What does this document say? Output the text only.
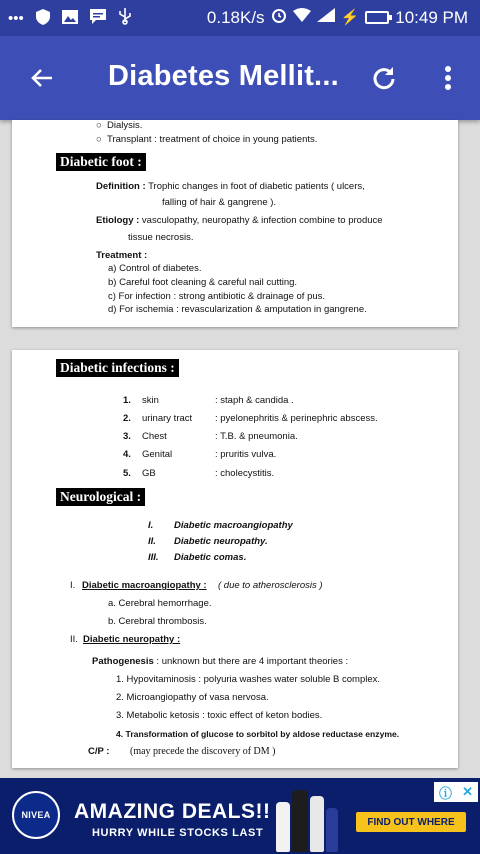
•••	0.18K/s	⚡ 10:49 PM
Diabetes Mellit...
○  Dialysis.
○  Transplant : treatment of choice in young patients.
Diabetic foot :
Definition : Trophic changes in foot of diabetic patients ( ulcers,
falling of hair & gangrene ).
Etiology : vasculopathy, neuropathy & infection combine to produce
tissue necrosis.
Treatment :
a) Control of diabetes.
b) Careful foot cleaning & careful nail cutting.
c) For infection : strong antibiotic & drainage of pus.
d) For ischemia : revascularization & amputation in gangrene.
Diabetic infections :
1. skin	: staph & candida .
2. urinary tract : pyelonephritis & perinephric abscess.
3. Chest	: T.B. & pneumonia.
4. Genital	: pruritis vulva.
5. GB	: cholecystitis.
Neurological :
I. Diabetic macroangiopathy
II. Diabetic neuropathy.
III. Diabetic comas.
I. Diabetic macroangiopathy : ( due to atherosclerosis )
a. Cerebral hemorrhage.
b. Cerebral thrombosis.
II. Diabetic neuropathy :
Pathogenesis : unknown but there are 4 important theories :
1. Hypovitaminosis : polyuria washes water soluble B complex.
2. Microangiopathy of vasa nervosa.
3. Metabolic ketosis : toxic effect of keton bodies.
4. Transformation of glucose to sorbitol by aldose reductase enzyme.
C/P : (may precede the discovery of DM )
NIVEA	AMAZING DEALS!!
HURRY WHILE STOCKS LAST
FIND OUT WHERE
ⓘ ✕
